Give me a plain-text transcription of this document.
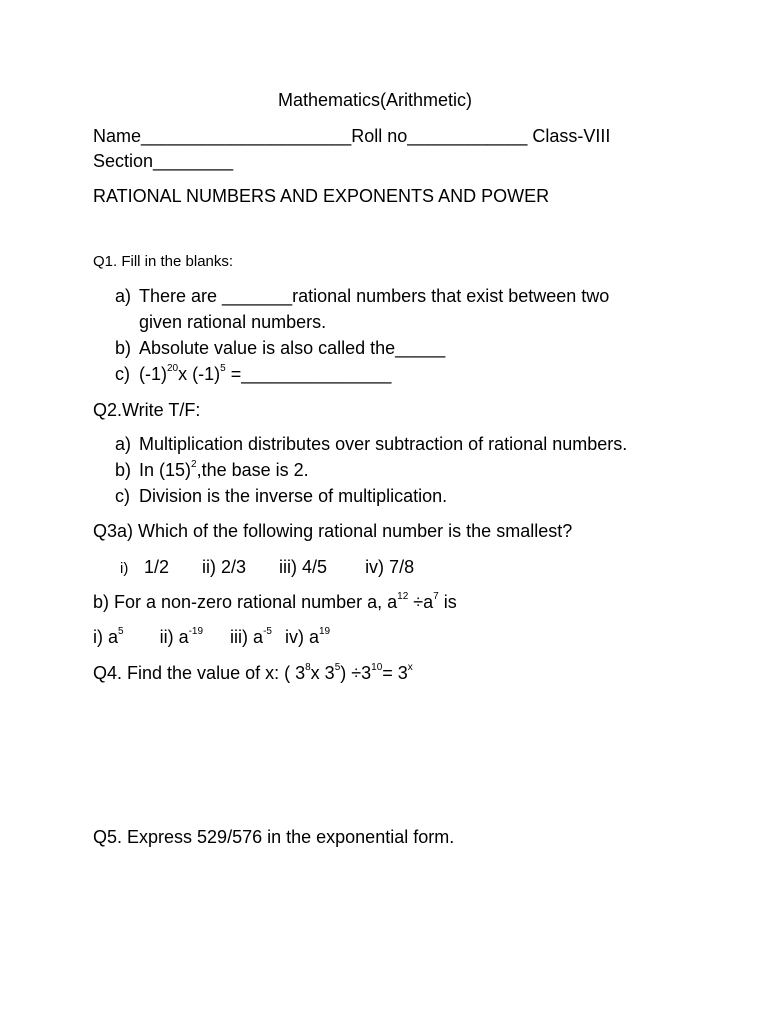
Mathematics(Arithmetic)
Name_____________________Roll no____________ Class-VIII
Section________
RATIONAL NUMBERS AND EXPONENTS AND POWER
Q1. Fill in the blanks:
a) There are _______rational numbers that exist between two
given rational numbers.
b) Absolute value is also called the_____
c) $(-1)^{20}x$ $(-1)^5$ =_______________
Q2.Write T/F:
a) Multiplication distributes over subtraction of rational numbers.
b) In $(15)^2,the$ base is 2.
c) Division is the inverse of multiplication.
Q3a) Which of the following rational number is the smallest?
i) 1/2 ii) 2/3 iii) 4/5 iv) 7/8
b) For a non-zero rational number a, $a^{12} \div a^7$ is
i) $a^5$ ii) $a^{-19}$ iii) $a^{-5}$ iv) $a^{19}$
Q4. Find the value of x: ( $3^8x$ $3^5) \div 3^{10}= 3^x$
Q5. Express 529/576 in the exponential form.
